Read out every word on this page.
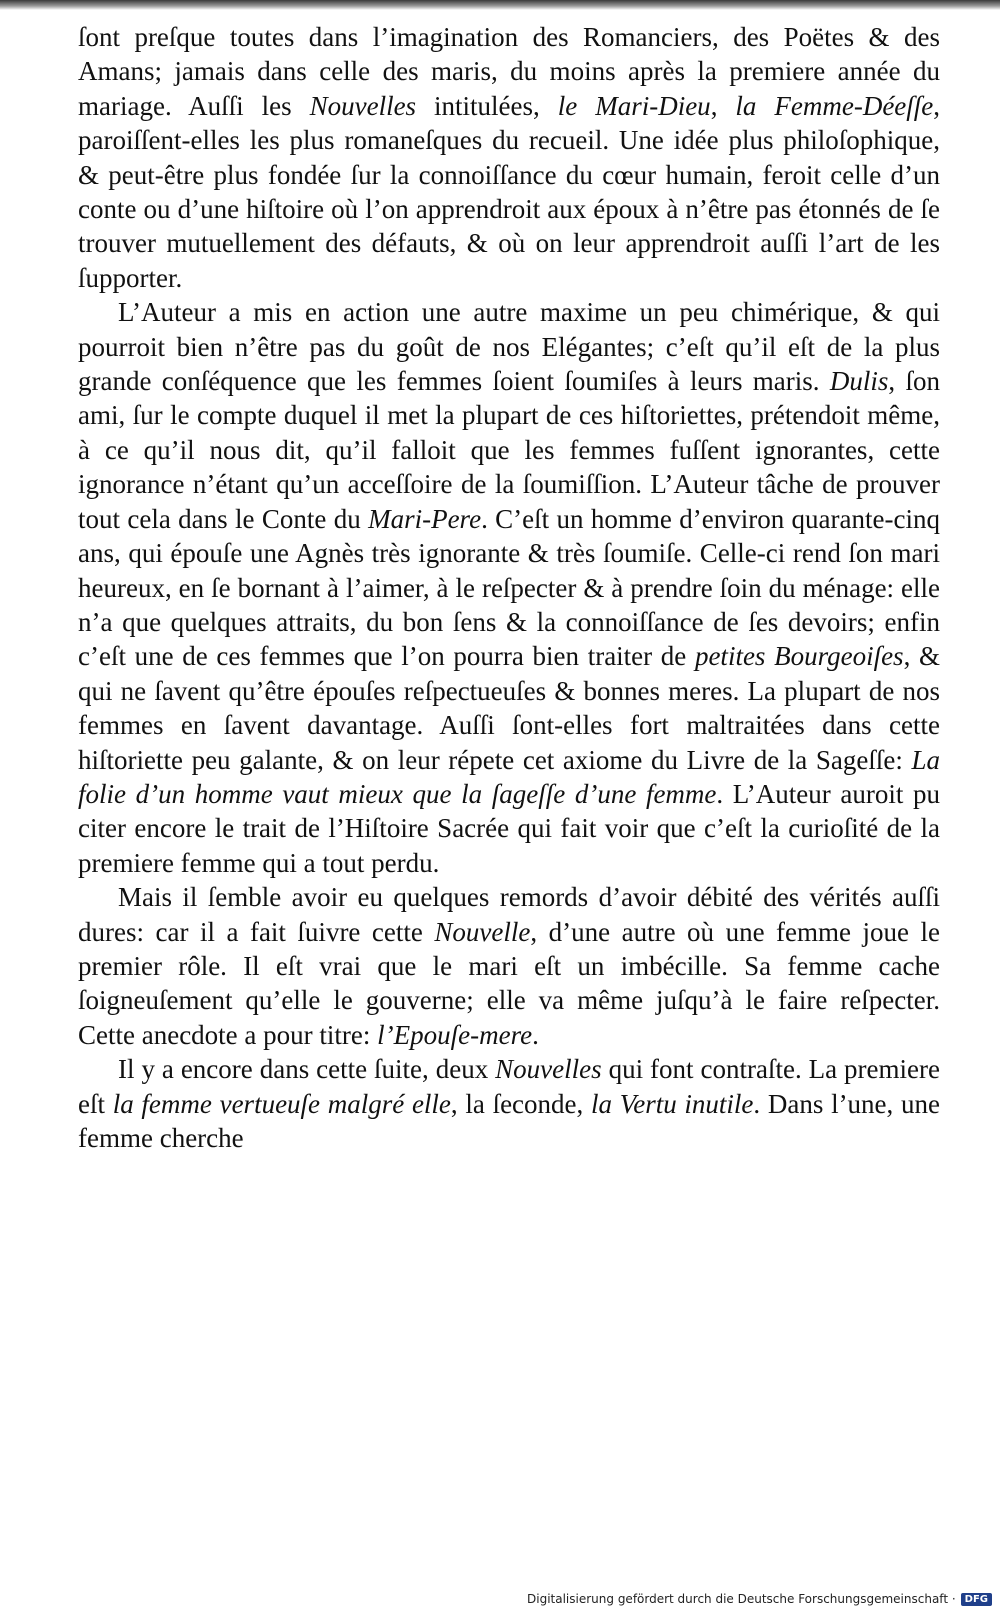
ſont preſque toutes dans l’imagination des Romanciers, des Poëtes & des Amans; jamais dans celle des maris, du moins après la premiere année du mariage. Auſſi les Nouvelles intitulées, le Mari-Dieu, la Femme-Déeſſe, paroiſſent-elles les plus romaneſques du recueil. Une idée plus philoſophique, & peut-être plus fondée ſur la connoiſſance du cœur humain, feroit celle d’un conte ou d’une hiſtoire où l’on apprendroit aux époux à n’être pas étonnés de ſe trouver mutuellement des défauts, & où on leur apprendroit auſſi l’art de les ſupporter.

L’Auteur a mis en action une autre maxime un peu chimérique, & qui pourroit bien n’être pas du goût de nos Elégantes; c’eſt qu’il eſt de la plus grande conſéquence que les femmes ſoient ſoumiſes à leurs maris. Dulis, ſon ami, ſur le compte duquel il met la plupart de ces hiſtoriettes, prétendoit même, à ce qu’il nous dit, qu’il falloit que les femmes fuſſent ignorantes, cette ignorance n’étant qu’un acceſſoire de la ſoumiſſion. L’Auteur tâche de prouver tout cela dans le Conte du Mari-Pere. C’eſt un homme d’environ quarante-cinq ans, qui épouſe une Agnès très ignorante & très ſoumiſe. Celle-ci rend ſon mari heureux, en ſe bornant à l’aimer, à le reſpecter & à prendre ſoin du ménage: elle n’a que quelques attraits, du bon ſens & la connoiſſance de ſes devoirs; enfin c’eſt une de ces femmes que l’on pourra bien traiter de petites Bourgeoiſes, & qui ne ſavent qu’être épouſes reſpectueuſes & bonnes meres. La plupart de nos femmes en ſavent davantage. Auſſi ſont-elles fort maltraitées dans cette hiſtoriette peu galante, & on leur répete cet axiome du Livre de la Sageſſe: La folie d’un homme vaut mieux que la ſageſſe d’une femme. L’Auteur auroit pu citer encore le trait de l’Hiſtoire Sacrée qui fait voir que c’eſt la curioſité de la premiere femme qui a tout perdu.

Mais il ſemble avoir eu quelques remords d’avoir débité des vérités auſſi dures: car il a fait ſuivre cette Nouvelle, d’une autre où une femme joue le premier rôle. Il eſt vrai que le mari eſt un imbécille. Sa femme cache ſoigneuſement qu’elle le gouverne; elle va même juſqu’à le faire reſpecter. Cette anecdote a pour titre: l’Epouſe-mere.

Il y a encore dans cette ſuite, deux Nouvelles qui font contraſte. La premiere eſt la femme vertueuſe malgré elle, la ſeconde, la Vertu inutile. Dans l’une, une femme cherche

Digitalisierung gefördert durch die Deutsche Forschungsgemeinschaft · DFG
